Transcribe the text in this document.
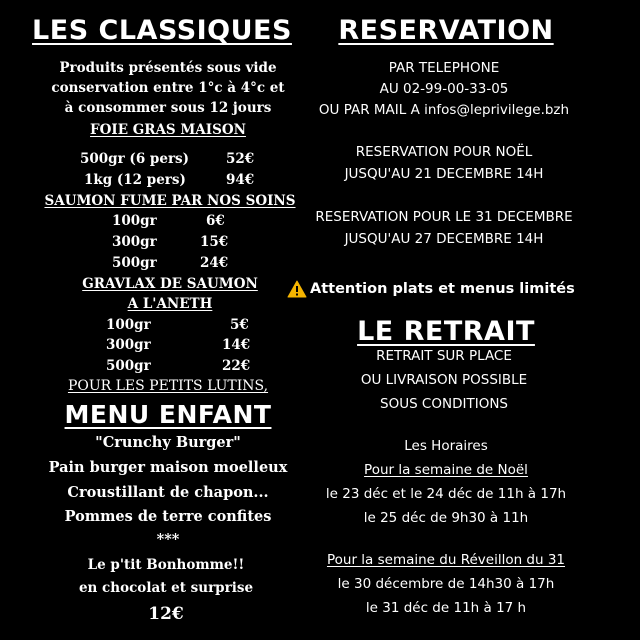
LES CLASSIQUES
Produits présentés sous vide
conservation entre 1°c à 4°c et
à consommer sous 12 jours
FOIE GRAS MAISON
500gr (6 pers)	52€
1kg (12 pers)	94€
SAUMON FUME PAR NOS SOINS
100gr	6€
300gr	15€
500gr	24€
GRAVLAX DE SAUMON
A L'ANETH
100gr	5€
300gr	14€
500gr	22€
POUR LES PETITS LUTINS,
MENU ENFANT
"Crunchy Burger"
Pain burger maison moelleux
Croustillant de chapon...
Pommes de terre confites
***
Le p'tit Bonhomme!!
en chocolat et surprise
12€
RESERVATION
PAR TELEPHONE
AU 02-99-00-33-05
OU PAR MAIL A infos@leprivilege.bzh
RESERVATION POUR NOËL
JUSQU'AU 21 DECEMBRE 14H
RESERVATION POUR LE 31 DECEMBRE
JUSQU'AU 27 DECEMBRE 14H
Attention plats et menus limités
LE RETRAIT
RETRAIT SUR PLACE
OU LIVRAISON POSSIBLE
SOUS CONDITIONS
Les Horaires
Pour la semaine de Noël
le 23 déc et le 24 déc de 11h à 17h
le 25 déc de 9h30 à 11h
Pour la semaine du Réveillon du 31
le 30 décembre de 14h30 à 17h
le 31 déc de 11h à 17 h
